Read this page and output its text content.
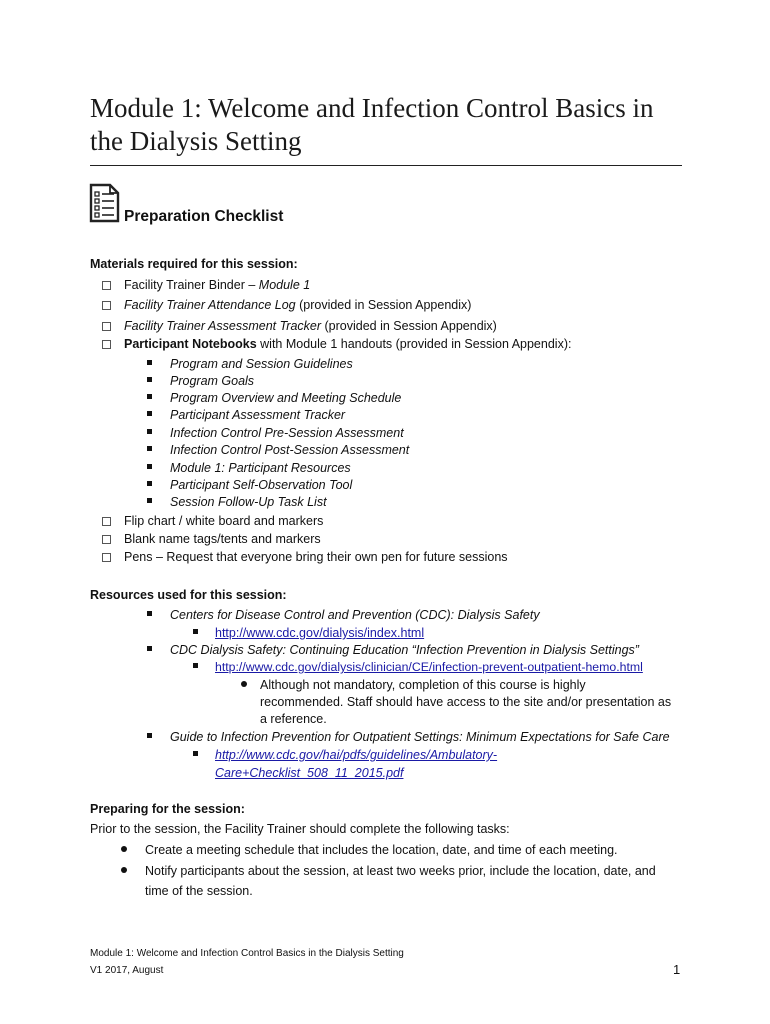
Module 1: Welcome and Infection Control Basics in the Dialysis Setting
Preparation Checklist
Materials required for this session:
Facility Trainer Binder – Module 1
Facility Trainer Attendance Log (provided in Session Appendix)
Facility Trainer Assessment Tracker (provided in Session Appendix)
Participant Notebooks with Module 1 handouts (provided in Session Appendix):
Program and Session Guidelines
Program Goals
Program Overview and Meeting Schedule
Participant Assessment Tracker
Infection Control Pre-Session Assessment
Infection Control Post-Session Assessment
Module 1: Participant Resources
Participant Self-Observation Tool
Session Follow-Up Task List
Flip chart / white board and markers
Blank name tags/tents and markers
Pens – Request that everyone bring their own pen for future sessions
Resources used for this session:
Centers for Disease Control and Prevention (CDC): Dialysis Safety
http://www.cdc.gov/dialysis/index.html
CDC Dialysis Safety: Continuing Education “Infection Prevention in Dialysis Settings”
http://www.cdc.gov/dialysis/clinician/CE/infection-prevent-outpatient-hemo.html
Although not mandatory, completion of this course is highly
recommended. Staff should have access to the site and/or presentation as
a reference.
Guide to Infection Prevention for Outpatient Settings: Minimum Expectations for Safe Care
http://www.cdc.gov/hai/pdfs/guidelines/Ambulatory-
Care+Checklist_508_11_2015.pdf
Preparing for the session:
Prior to the session, the Facility Trainer should complete the following tasks:
Create a meeting schedule that includes the location, date, and time of each meeting.
Notify participants about the session, at least two weeks prior, include the location, date, and
time of the session.
Module 1: Welcome and Infection Control Basics in the Dialysis Setting
V1 2017, August	1
